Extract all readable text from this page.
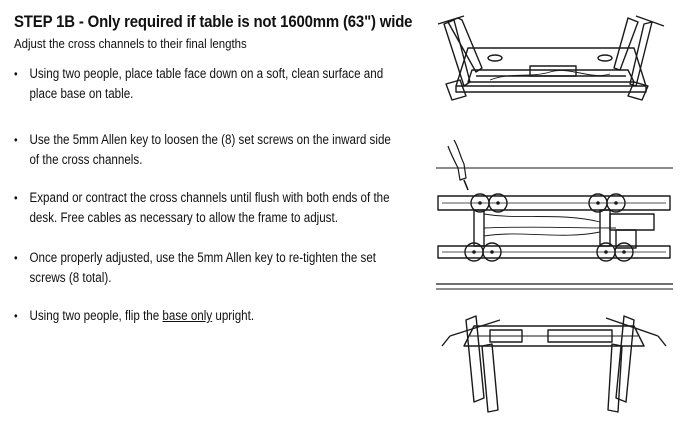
STEP 1B - Only required if table is not 1600mm (63") wide
Adjust the cross channels to their final lengths
• Using two people, place table face down on a soft, clean surface and place base on table.
• Use the 5mm Allen key to loosen the (8) set screws on the inward side of the cross channels.
• Expand or contract the cross channels until flush with both ends of the desk. Free cables as necessary to allow the frame to adjust.
• Once properly adjusted, use the 5mm Allen key to re-tighten the set screws (8 total).
• Using two people, flip the base only upright.
